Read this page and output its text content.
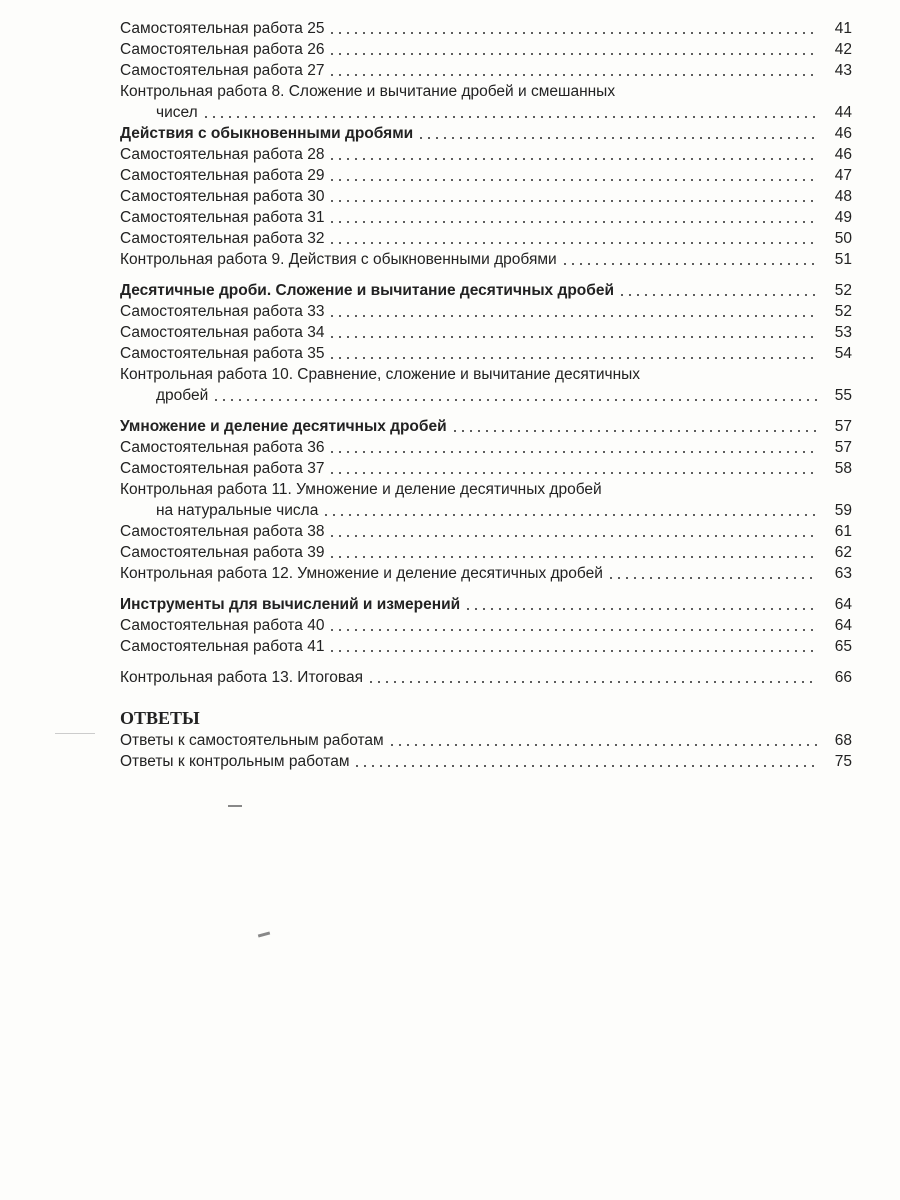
Самостоятельная работа 25	41
Самостоятельная работа 26	42
Самостоятельная работа 27	43
Контрольная работа 8. Сложение и вычитание дробей и смешанных
чисел	44
Действия с обыкновенными дробями	46
Самостоятельная работа 28	46
Самостоятельная работа 29	47
Самостоятельная работа 30	48
Самостоятельная работа 31	49
Самостоятельная работа 32	50
Контрольная работа 9. Действия с обыкновенными дробями	51
Десятичные дроби. Сложение и вычитание десятичных дробей	52
Самостоятельная работа 33	52
Самостоятельная работа 34	53
Самостоятельная работа 35	54
Контрольная работа 10. Сравнение, сложение и вычитание десятичных
дробей	55
Умножение и деление десятичных дробей	57
Самостоятельная работа 36	57
Самостоятельная работа 37	58
Контрольная работа 11. Умножение и деление десятичных дробей
на натуральные числа	59
Самостоятельная работа 38	61
Самостоятельная работа 39	62
Контрольная работа 12. Умножение и деление десятичных дробей	63
Инструменты для вычислений и измерений	64
Самостоятельная работа 40	64
Самостоятельная работа 41	65
Контрольная работа 13. Итоговая	66
ОТВЕТЫ
Ответы к самостоятельным работам	68
Ответы к контрольным работам	75
